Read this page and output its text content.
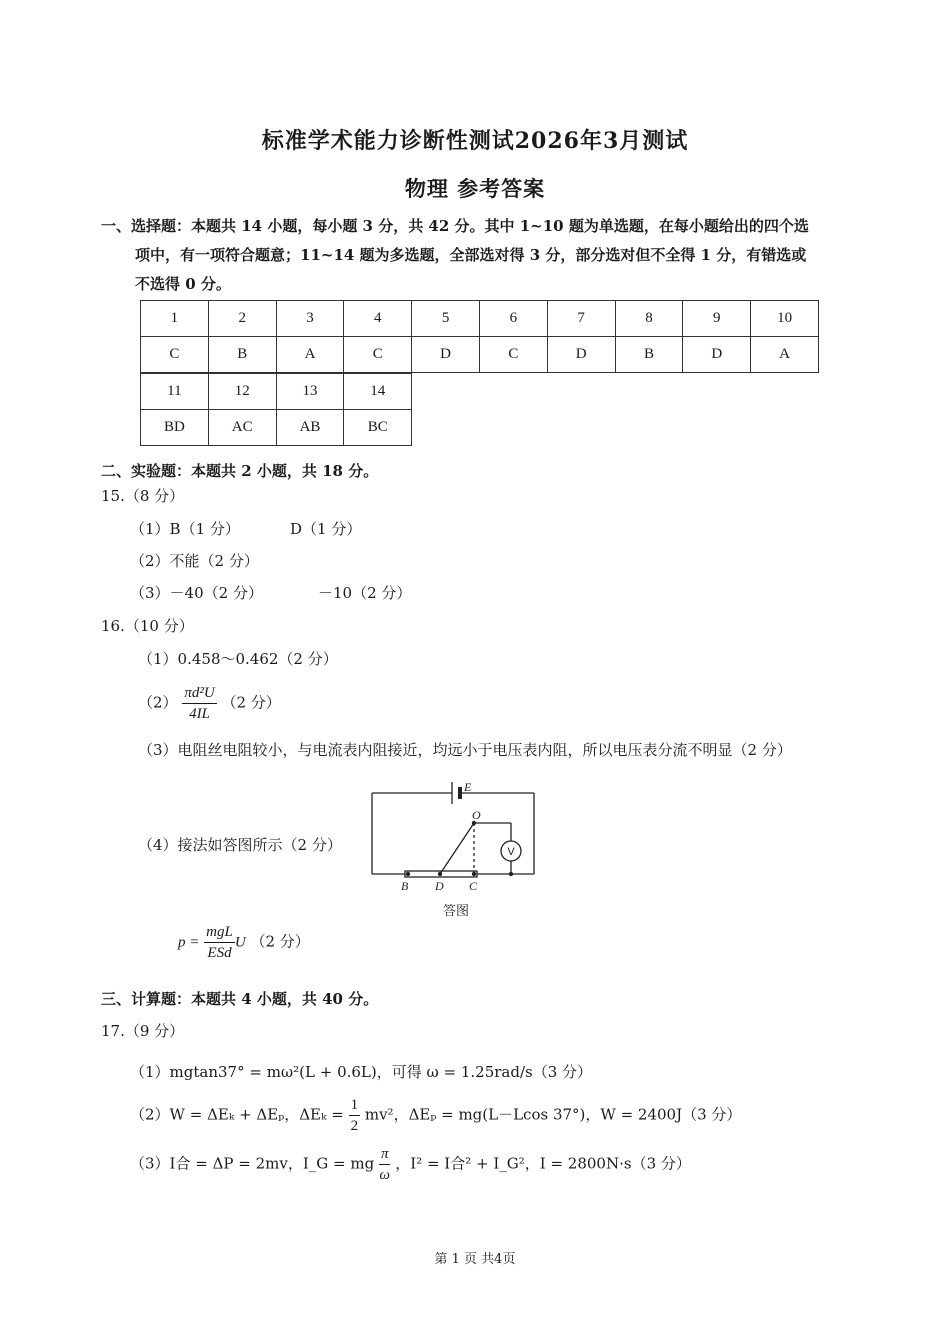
标准学术能力诊断性测试2026年3月测试
物理 参考答案
一、选择题：本题共 14 小题，每小题 3 分，共 42 分。其中 1~10 题为单选题，在每小题给出的四个选
项中，有一项符合题意；11~14 题为多选题，全部选对得 3 分，部分选对但不全得 1 分，有错选或
不选得 0 分。
1	2	3	4	5	6	7	8	9	10
C	B	A	C	D	C	D	B	D	A
11	12	13	14
BD	AC	AB	BC
二、实验题：本题共 2 小题，共 18 分。
15.（8 分）
（1）B（1 分）	D（1 分）
（2）不能（2 分）
（3）－40（2 分）	－10（2 分）
16.（10 分）
（1）0.458～0.462（2 分）
$(2) \frac{\text{πd²U}}{4IL} (2$ 分）
（3）电阻丝电阻较小，与电流表内阻接近，均远小于电压表内阻，所以电压表分流不明显（2 分）
（4）接法如答图所示（2 分）
E
O
B D C
V
答图
$p = \frac{\text{mgL}}{\text{ESd}}$ U （2 分）
三、计算题：本题共 4 小题，共 40 分。
17.（9 分）
（1）mgtan37° = mω²(L + 0.6L)，可得 ω = 1.25rad/s（3 分）
（2）W = ΔEₖ + ΔEₚ，$\Delta E_k = \frac{1}{2} mv^2$，ΔEₚ = mg(L－Lcos 37°)，W = 2400J（3 分）
（3）I合 = ΔP = 2mv，I_G = mg $\frac{\pi}{\omega}$ ，I² = I合² + I_G²，I = 2800N·s（3 分）
第 1 页 共4页
